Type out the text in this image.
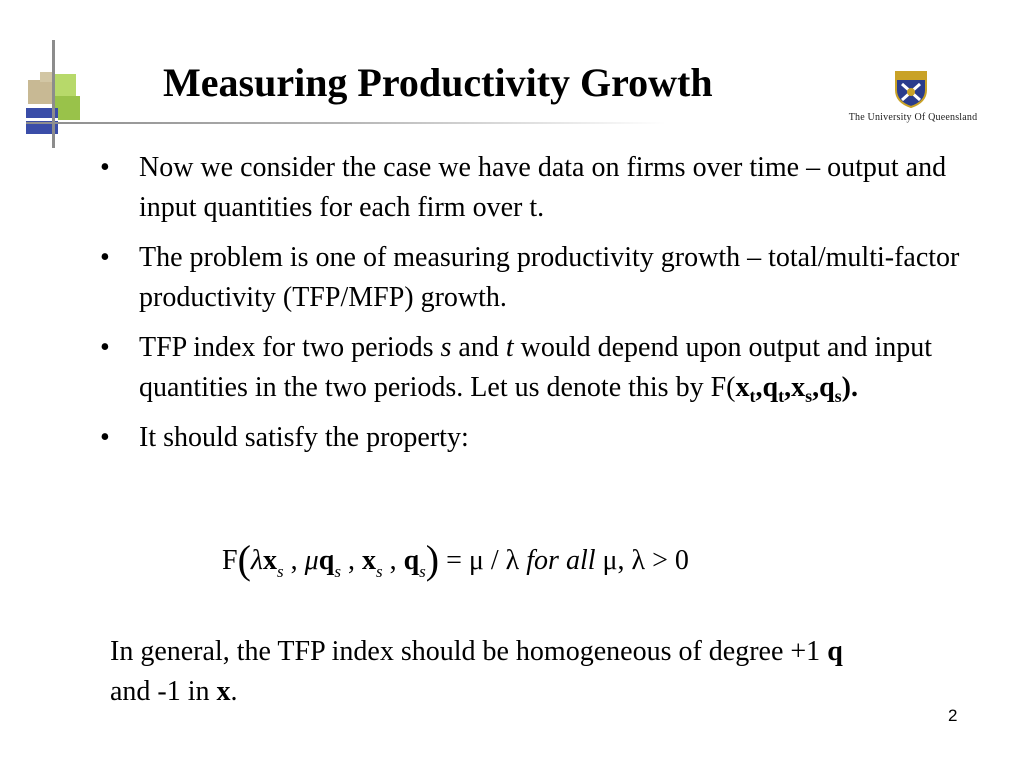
Measuring Productivity Growth
The University Of Queensland
• Now we consider the case we have data on firms over time – output and input quantities for each firm over t.
• The problem is one of measuring productivity growth – total/multi-factor productivity (TFP/MFP) growth.
• TFP index for two periods s and t would depend upon output and input quantities in the two periods. Let us denote this by $F(x_t,q_t,x_s,q_s)$.
• It should satisfy the property:
$F(\lambda x_s$ , $\mu q_s$ , $x_s$ , $q_s) = \mu / \lambda$ for all μ, λ > 0
In general, the TFP index should be homogeneous of degree +1 q and -1 in x.
2
